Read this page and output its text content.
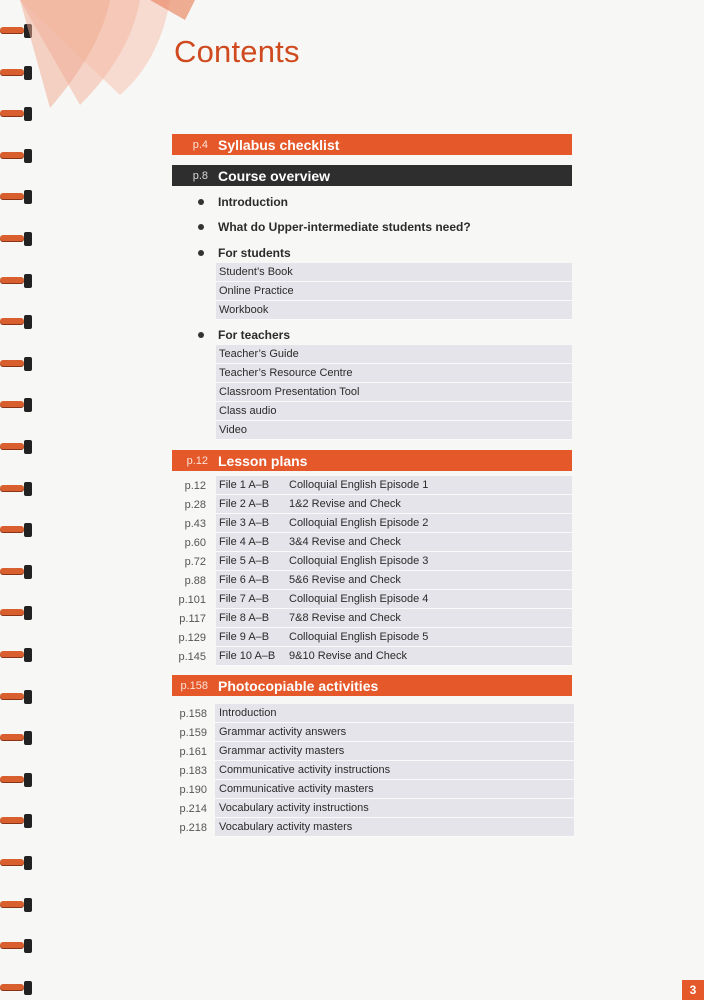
Contents
p.4 Syllabus checklist
p.8 Course overview
Introduction
What do Upper-intermediate students need?
For students
Student’s Book
Online Practice
Workbook
For teachers
Teacher’s Guide
Teacher’s Resource Centre
Classroom Presentation Tool
Class audio
Video
p.12 Lesson plans
p.12	File 1 A–B	Colloquial English Episode 1
p.28	File 2 A–B	1&2 Revise and Check
p.43	File 3 A–B	Colloquial English Episode 2
p.60	File 4 A–B	3&4 Revise and Check
p.72	File 5 A–B	Colloquial English Episode 3
p.88	File 6 A–B	5&6 Revise and Check
p.101	File 7 A–B	Colloquial English Episode 4
p.117	File 8 A–B	7&8 Revise and Check
p.129	File 9 A–B	Colloquial English Episode 5
p.145	File 10 A–B	9&10 Revise and Check
p.158 Photocopiable activities
p.158	Introduction
p.159	Grammar activity answers
p.161	Grammar activity masters
p.183	Communicative activity instructions
p.190	Communicative activity masters
p.214	Vocabulary activity instructions
p.218	Vocabulary activity masters
3
